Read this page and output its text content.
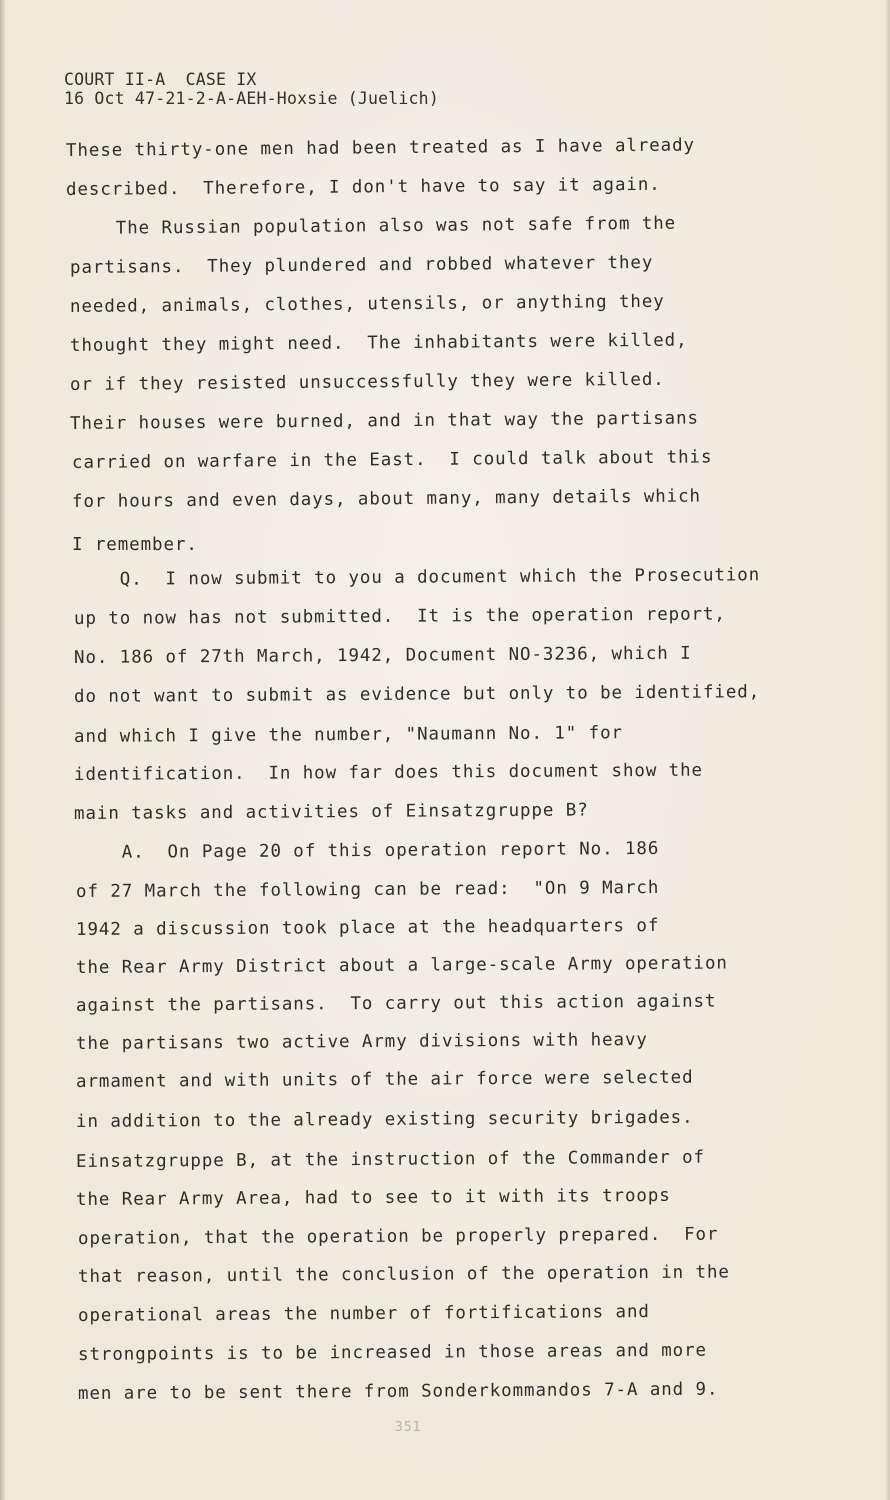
COURT II-A  CASE IX
16 Oct 47-21-2-A-AEH-Hoxsie (Juelich)
These thirty-one men had been treated as I have already
described.  Therefore, I don't have to say it again.
The Russian population also was not safe from the
partisans.  They plundered and robbed whatever they
needed, animals, clothes, utensils, or anything they
thought they might need.  The inhabitants were killed,
or if they resisted unsuccessfully they were killed.
Their houses were burned, and in that way the partisans
carried on warfare in the East.  I could talk about this
for hours and even days, about many, many details which
I remember.
Q.  I now submit to you a document which the Prosecution
up to now has not submitted.  It is the operation report,
No. 186 of 27th March, 1942, Document NO-3236, which I
do not want to submit as evidence but only to be identified,
and which I give the number, "Naumann No. 1" for
identification.  In how far does this document show the
main tasks and activities of Einsatzgruppe B?
A.  On Page 20 of this operation report No. 186
of 27 March the following can be read:  "On 9 March
1942 a discussion took place at the headquarters of
the Rear Army District about a large-scale Army operation
against the partisans.  To carry out this action against
the partisans two active Army divisions with heavy
armament and with units of the air force were selected
in addition to the already existing security brigades.
Einsatzgruppe B, at the instruction of the Commander of
the Rear Army Area, had to see to it with its troops
operation, that the operation be properly prepared.  For
that reason, until the conclusion of the operation in the
operational areas the number of fortifications and
strongpoints is to be increased in those areas and more
men are to be sent there from Sonderkommandos 7-A and 9.
351
